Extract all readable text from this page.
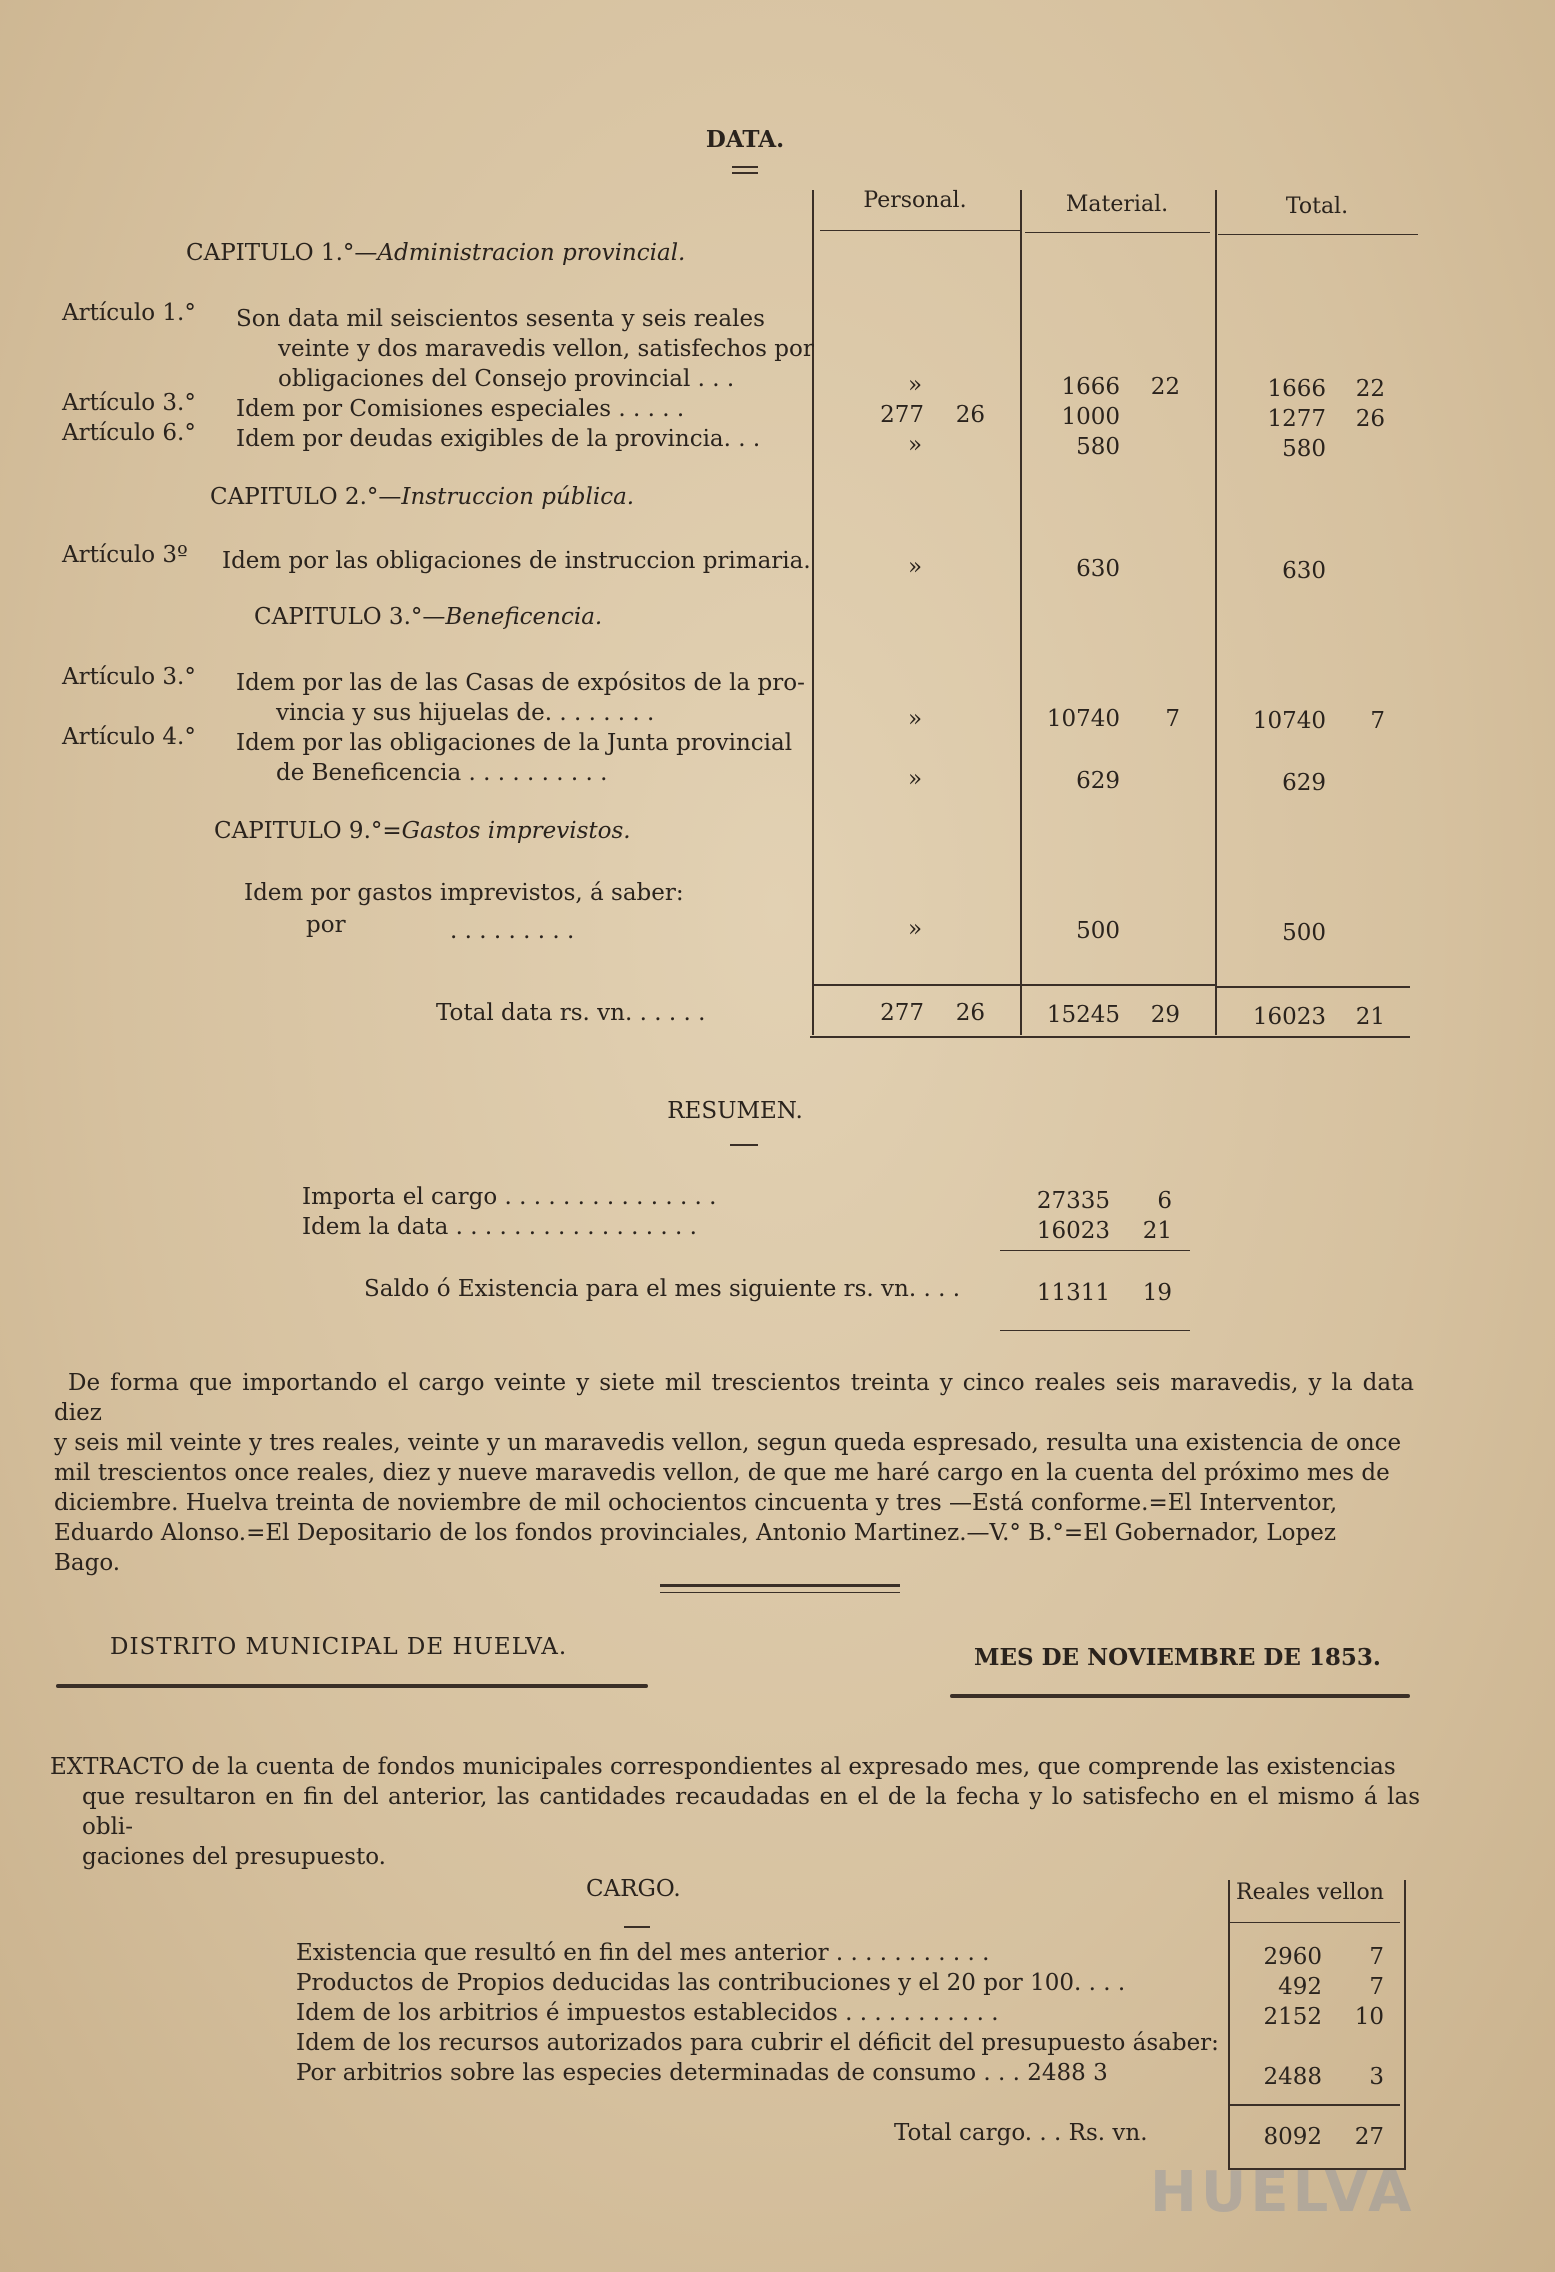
DATA.
Personal.	Material.	Total.
CAPITULO 1.°—Administracion provincial.
Artículo 1.° Son data mil seiscientos sesenta y seis reales
veinte y dos maravedis vellon, satisfechos por
obligaciones del Consejo provincial . . .	»	1666	22	1666	22
Artículo 3.° Idem por Comisiones especiales . . . . .	277	26	1000	1277	26
Artículo 6.° Idem por deudas exigibles de la provincia. . .	»	580	580
CAPITULO 2.°—Instruccion pública.
Artículo 3º Idem por las obligaciones de instruccion primaria.	»	630	630
CAPITULO 3.°—Beneficencia.
Artículo 3.° Idem por las de las Casas de expósitos de la pro-
vincia y sus hijuelas de. . . . . . . .	»	10740	7	10740	7
Artículo 4.° Idem por las obligaciones de la Junta provincial
de Beneficencia . . . . . . . . . .	»	629	629
CAPITULO 9.°=Gastos imprevistos.
Idem por gastos imprevistos, á saber:
por	. . . . . . . . .	»	500	500
Total data rs. vn. . . . . .	277	26	15245	29	16023	21
RESUMEN.
Importa el cargo . . . . . . . . . . . . . . .	27335	6
Idem la data . . . . . . . . . . . . . . . . .	16023	21
Saldo ó Existencia para el mes siguiente rs. vn. . . .	11311	19
De forma que importando el cargo veinte y siete mil trescientos treinta y cinco reales seis maravedis, y la data diez
y seis mil veinte y tres reales, veinte y un maravedis vellon, segun queda espresado, resulta una existencia de once
mil trescientos once reales, diez y nueve maravedis vellon, de que me haré cargo en la cuenta del próximo mes de
diciembre. Huelva treinta de noviembre de mil ochocientos cincuenta y tres —Está conforme.=El Interventor,
Eduardo Alonso.=El Depositario de los fondos provinciales, Antonio Martinez.—V.° B.°=El Gobernador, Lopez
Bago.
DISTRITO MUNICIPAL DE HUELVA.	MES DE NOVIEMBRE DE 1853.
EXTRACTO de la cuenta de fondos municipales correspondientes al expresado mes, que comprende las existencias
que resultaron en fin del anterior, las cantidades recaudadas en el de la fecha y lo satisfecho en el mismo á las obli-
gaciones del presupuesto.
CARGO.	Reales vellon
Existencia que resultó en fin del mes anterior . . . . . . . . . . .	2960	7
Productos de Propios deducidas las contribuciones y el 20 por 100. . . .	492	7
Idem de los arbitrios é impuestos establecidos . . . . . . . . . . .	2152	10
Idem de los recursos autorizados para cubrir el déficit del presupuesto ásaber:
Por arbitrios sobre las especies determinadas de consumo . . . 2488 3	2488	3
Total cargo. . . Rs. vn.	8092	27
HUELVA
